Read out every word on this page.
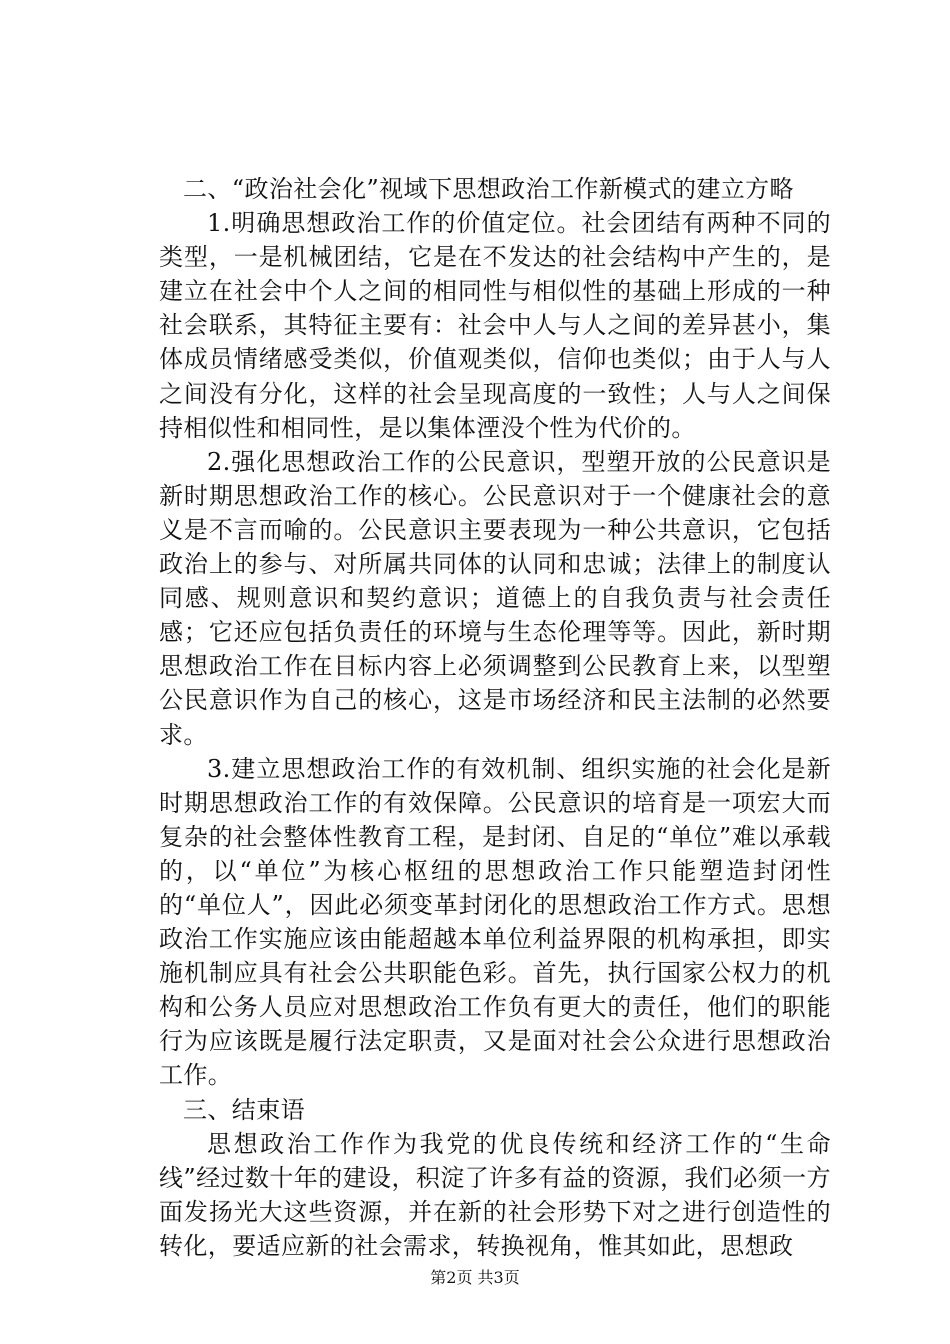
二、“政治社会化”视域下思想政治工作新模式的建立方略

1.明确思想政治工作的价值定位。社会团结有两种不同的类型，一是机械团结，它是在不发达的社会结构中产生的，是建立在社会中个人之间的相同性与相似性的基础上形成的一种社会联系，其特征主要有：社会中人与人之间的差异甚小，集体成员情绪感受类似，价值观类似，信仰也类似；由于人与人之间没有分化，这样的社会呈现高度的一致性；人与人之间保持相似性和相同性，是以集体湮没个性为代价的。

2.强化思想政治工作的公民意识，型塑开放的公民意识是新时期思想政治工作的核心。公民意识对于一个健康社会的意义是不言而喻的。公民意识主要表现为一种公共意识，它包括政治上的参与、对所属共同体的认同和忠诚；法律上的制度认同感、规则意识和契约意识；道德上的自我负责与社会责任感；它还应包括负责任的环境与生态伦理等等。因此，新时期思想政治工作在目标内容上必须调整到公民教育上来，以型塑公民意识作为自己的核心，这是市场经济和民主法制的必然要求。

3.建立思想政治工作的有效机制、组织实施的社会化是新时期思想政治工作的有效保障。公民意识的培育是一项宏大而复杂的社会整体性教育工程，是封闭、自足的“单位”难以承载的，以“单位”为核心枢纽的思想政治工作只能塑造封闭性的“单位人”，因此必须变革封闭化的思想政治工作方式。思想政治工作实施应该由能超越本单位利益界限的机构承担，即实施机制应具有社会公共职能色彩。首先，执行国家公权力的机构和公务人员应对思想政治工作负有更大的责任，他们的职能行为应该既是履行法定职责，又是面对社会公众进行思想政治工作。

三、结束语

思想政治工作作为我党的优良传统和经济工作的“生命线”经过数十年的建设，积淀了许多有益的资源，我们必须一方面发扬光大这些资源，并在新的社会形势下对之进行创造性的转化，要适应新的社会需求，转换视角，惟其如此，思想政

第2页 共3页
